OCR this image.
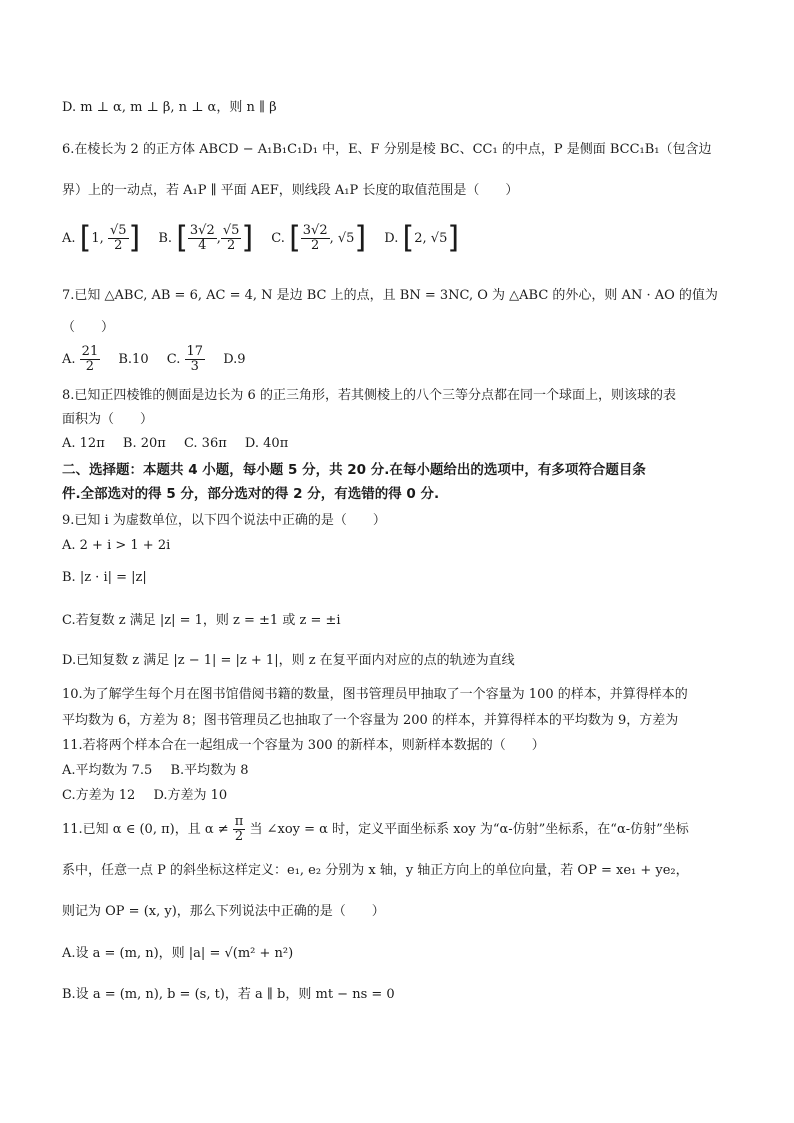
D. m ⊥ α, m ⊥ β, n ⊥ α，则 n ∥ β
6.在棱长为 2 的正方体 ABCD − A₁B₁C₁D₁ 中，E、F 分别是棱 BC、CC₁ 的中点，P 是侧面 BCC₁B₁（包含边
界）上的一动点，若 A₁P ∥ 平面 AEF，则线段 A₁P 长度的取值范围是（　　）
A. [1, $\frac{√5}{2}$ ] B. [ $\frac{3√2}{4}$ , $\frac{√5}{2}$ ] C. [ $\frac{3√2}{2}$ , √5] D. [2, √5]
7.已知 △ABC, AB = 6, AC = 4, N 是边 BC 上的点，且 BN = 3NC, O 为 △ABC 的外心，则 AN · AO 的值为
（　　）
A. $\frac{21}{2} B.10$ C. $\frac{17}{3} D.9$
8.已知正四棱锥的侧面是边长为 6 的正三角形，若其侧棱上的八个三等分点都在同一个球面上，则该球的表
面积为（　　）
A. 12π B. 20π C. 36π D. 40π
二、选择题：本题共 4 小题，每小题 5 分，共 20 分.在每小题给出的选项中，有多项符合题目条
件.全部选对的得 5 分，部分选对的得 2 分，有选错的得 0 分.
9.已知 i 为虚数单位，以下四个说法中正确的是（　　）
A. 2 + i > 1 + 2i
B. |z · i| = |z|
C.若复数 z 满足 |z| = 1，则 z = ±1 或 z = ±i
D.已知复数 z 满足 |z − 1| = |z + 1|，则 z 在复平面内对应的点的轨迹为直线
10.为了解学生每个月在图书馆借阅书籍的数量，图书管理员甲抽取了一个容量为 100 的样本，并算得样本的
平均数为 6，方差为 8；图书管理员乙也抽取了一个容量为 200 的样本，并算得样本的平均数为 9，方差为
11.若将两个样本合在一起组成一个容量为 300 的新样本，则新样本数据的（　　）
A.平均数为 7.5 B.平均数为 8
C.方差为 12 D.方差为 10
11.已知 α ∈ (0, π)，且 $\alpha \ne \frac{\pi}{2}$ 当 ∠xoy = α 时，定义平面坐标系 xoy 为“α-仿射”坐标系，在“α-仿射”坐标
系中，任意一点 P 的斜坐标这样定义：e₁, e₂ 分别为 x 轴，y 轴正方向上的单位向量，若 OP = xe₁ + ye₂，
则记为 OP = (x, y)，那么下列说法中正确的是（　　）
A.设 a = (m, n)，则 |a| = √(m² + n²)
B.设 a = (m, n), b = (s, t)，若 a ∥ b，则 mt − ns = 0
